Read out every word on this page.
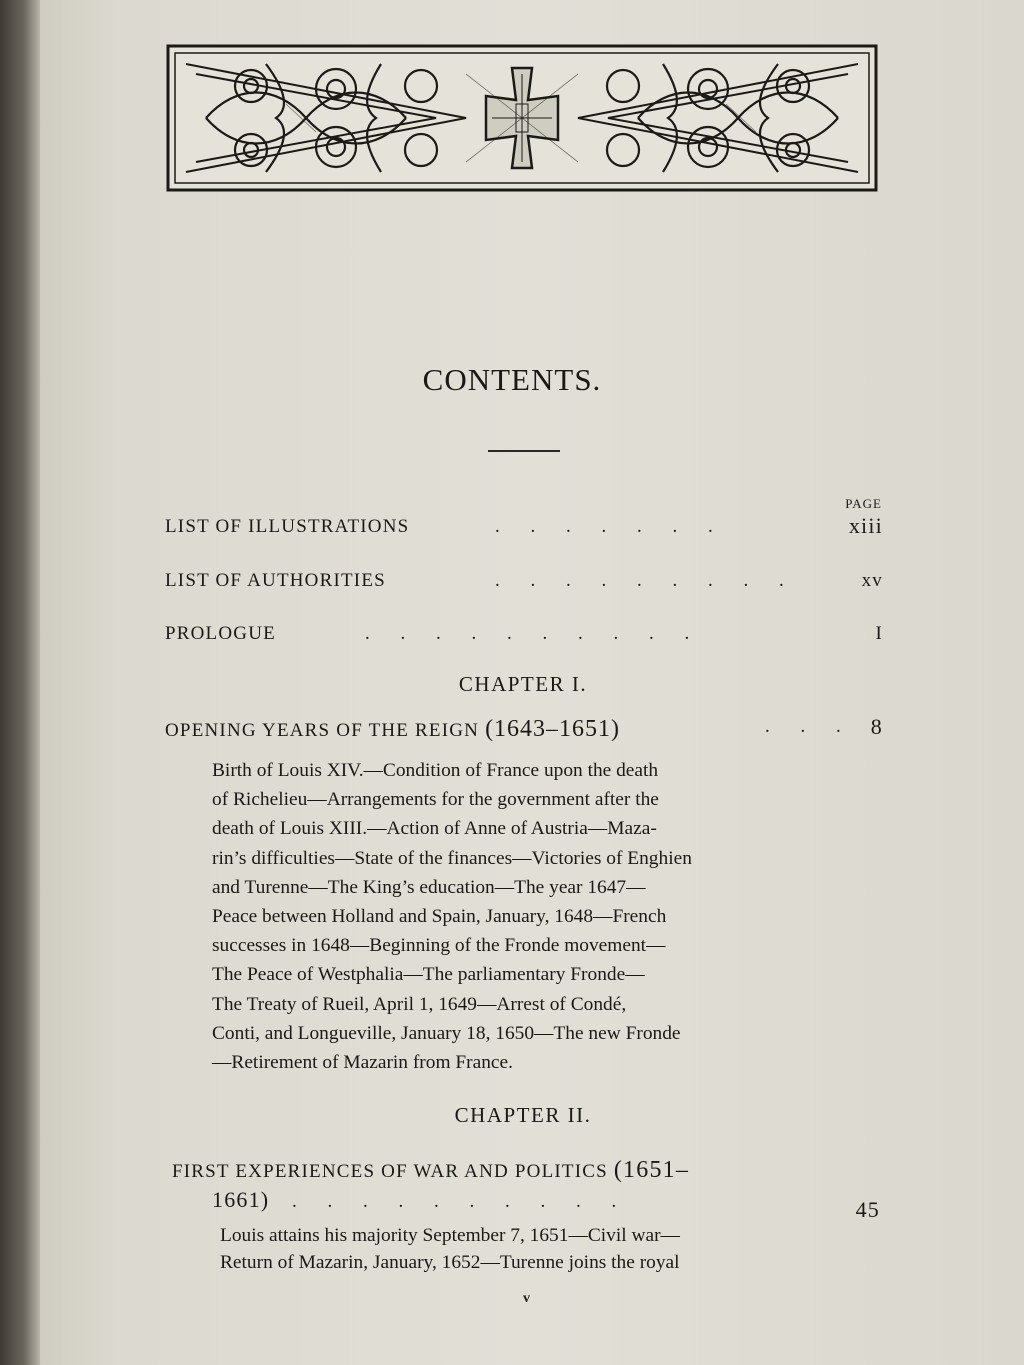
CONTENTS.
PAGE
LIST OF ILLUSTRATIONS	. . . . . . .	xiii
LIST OF AUTHORITIES	. . . . . . . . .	xv
PROLOGUE	. . . . . . . . . .	I
CHAPTER I.
OPENING YEARS OF THE REIGN (1643–1651)	. . . 8
Birth of Louis XIV.—Condition of France upon the death
of Richelieu—Arrangements for the government after the
death of Louis XIII.—Action of Anne of Austria—Maza-
rin’s difficulties—State of the finances—Victories of Enghien
and Turenne—The King’s education—The year 1647—
Peace between Holland and Spain, January, 1648—French
successes in 1648—Beginning of the Fronde movement—
The Peace of Westphalia—The parliamentary Fronde—
The Treaty of Rueil, April 1, 1649—Arrest of Condé,
Conti, and Longueville, January 18, 1650—The new Fronde
—Retirement of Mazarin from France.
CHAPTER II.
FIRST EXPERIENCES OF WAR AND POLITICS (1651–
1661) . . . . . . . . . .	45
Louis attains his majority September 7, 1651—Civil war—
Return of Mazarin, January, 1652—Turenne joins the royal
v
